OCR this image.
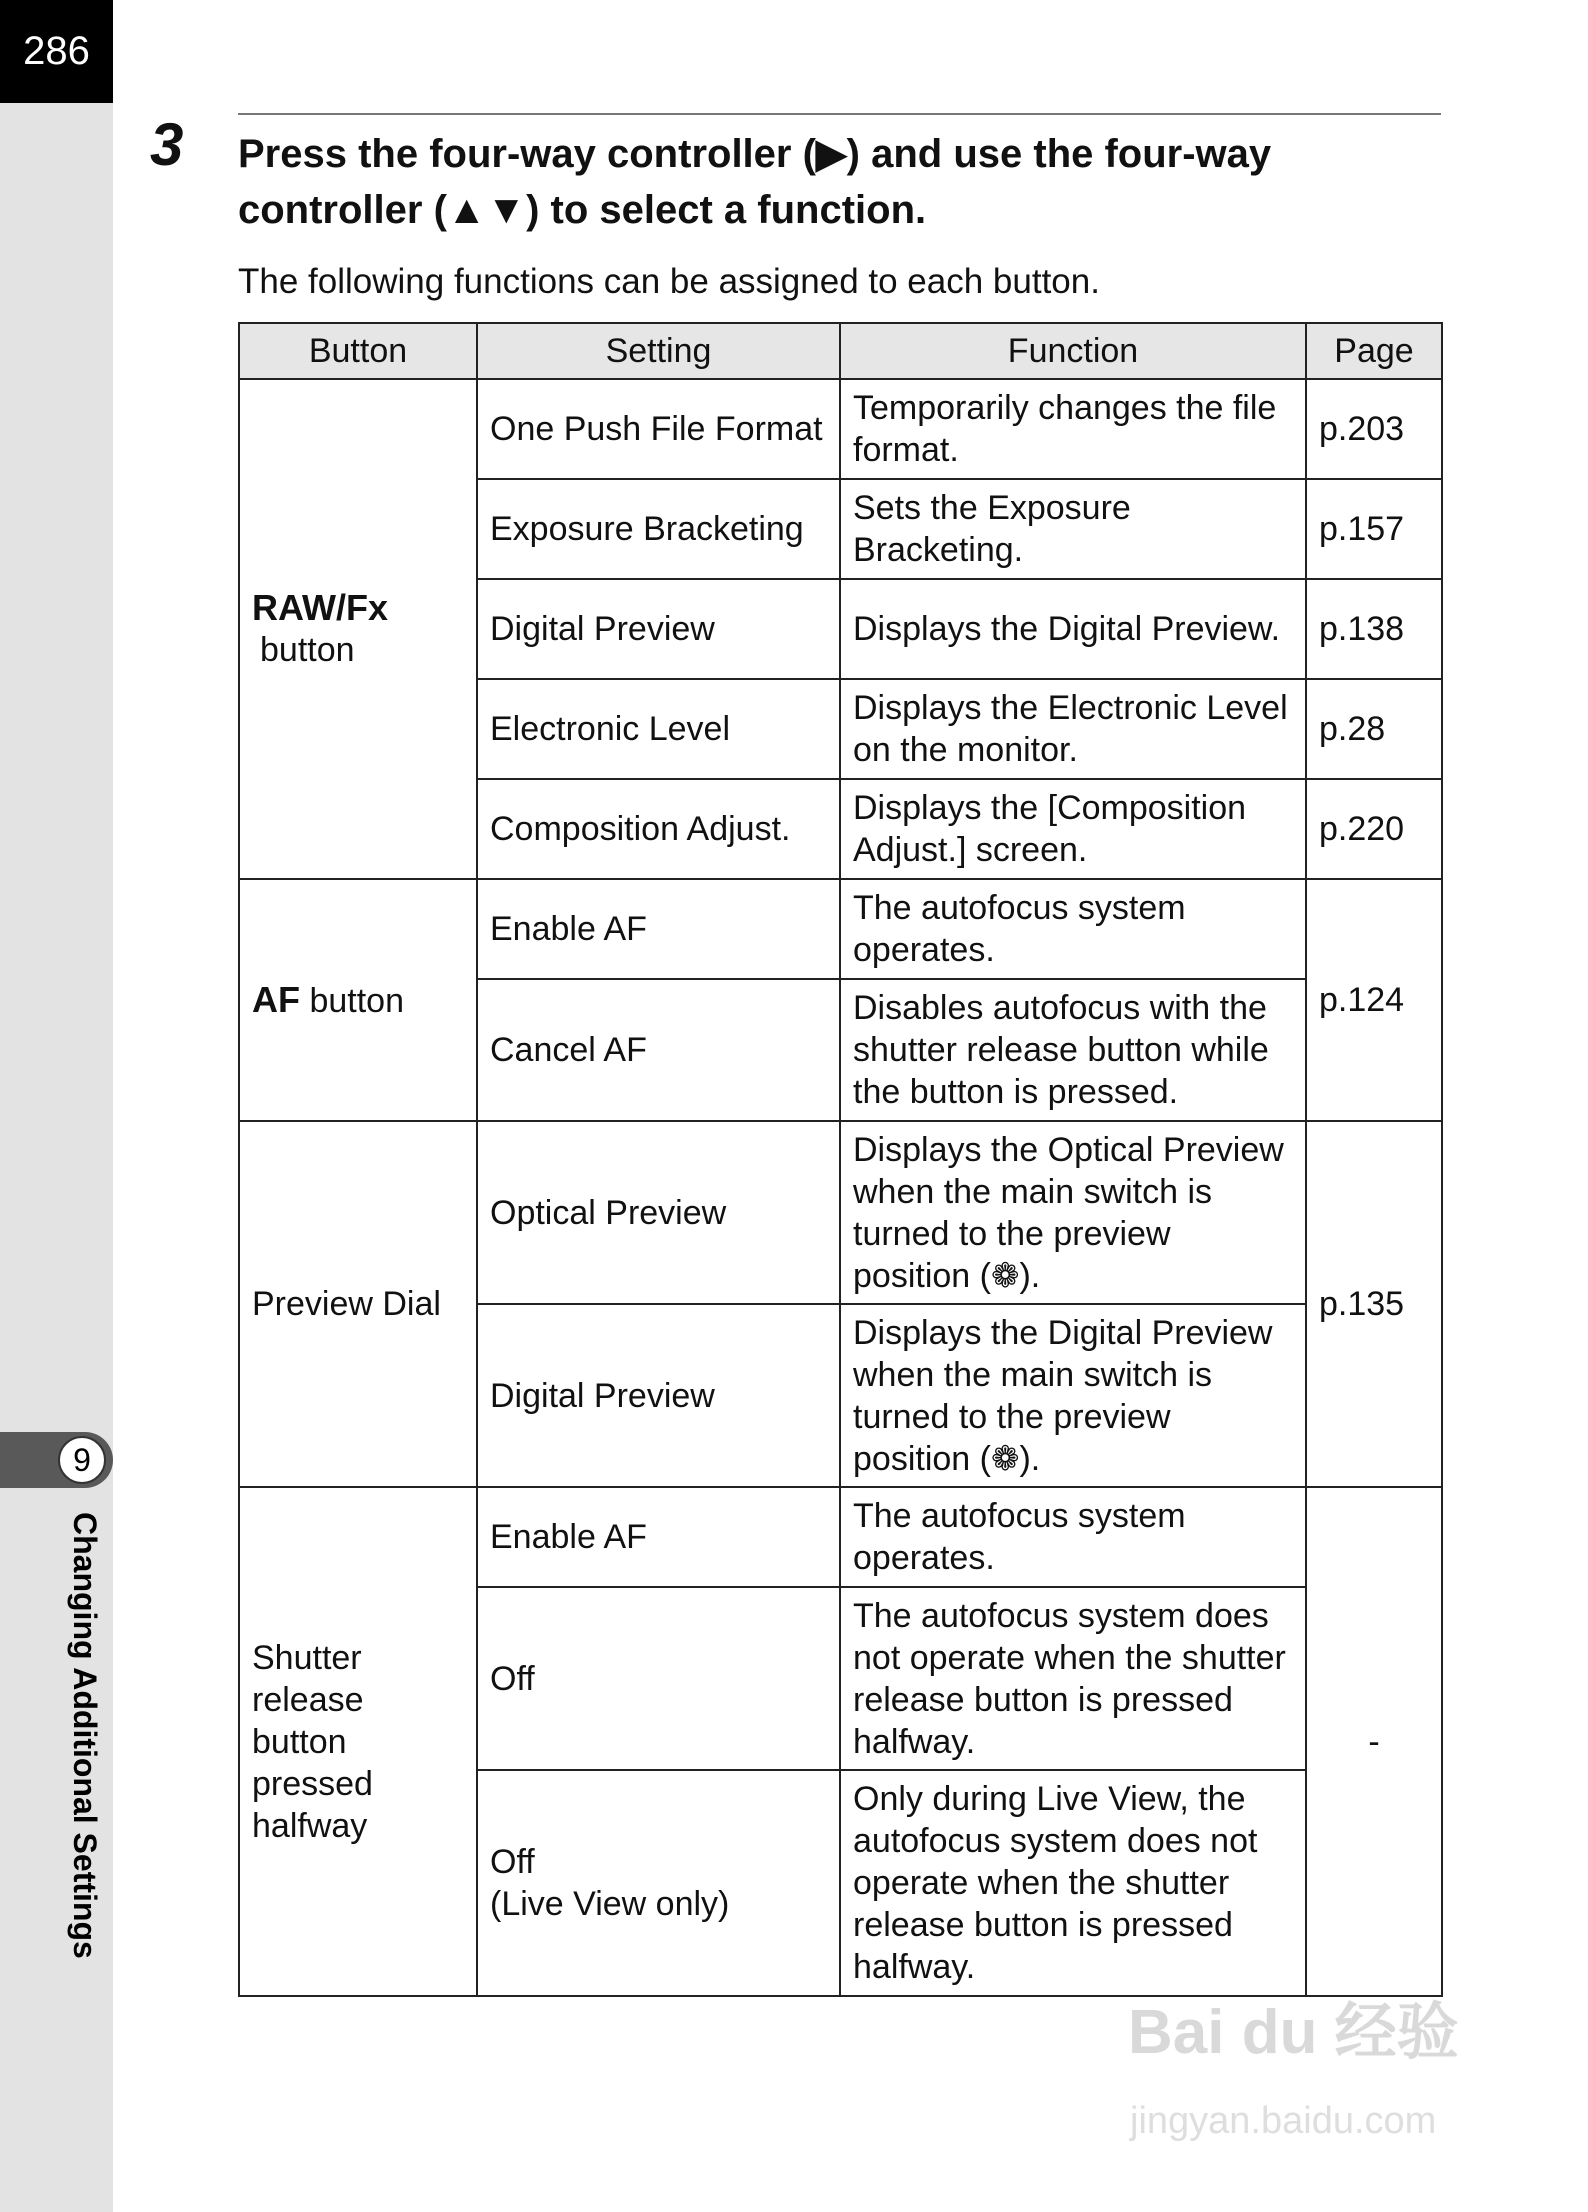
286
9
Changing Additional Settings
3 Press the four-way controller (▶) and use the four-way
controller (▲▼) to select a function.
The following functions can be assigned to each button.
Button	Setting	Function	Page

RAW/Fx
button	One Push File Format	Temporarily changes the file format.	p.203
	Exposure Bracketing	Sets the Exposure Bracketing.	p.157
	Digital Preview	Displays the Digital Preview.	p.138
	Electronic Level	Displays the Electronic Level on the monitor.	p.28
	Composition Adjust.	Displays the [Composition Adjust.] screen.	p.220
AF button	Enable AF	The autofocus system operates.	p.124
	Cancel AF	Disables autofocus with the shutter release button while the button is pressed.	
Preview Dial	Optical Preview	Displays the Optical Preview when the main switch is turned to the preview position (❁).	p.135
	Digital Preview	Displays the Digital Preview when the main switch is turned to the preview position (❁).	
Shutter release button pressed halfway	Enable AF	The autofocus system operates.	-
	Off	The autofocus system does not operate when the shutter release button is pressed halfway.	

	Off
(Live View only)	Only during Live View, the autofocus system does not operate when the shutter release button is pressed halfway.	
Bai du 经验
jingyan.baidu.com
